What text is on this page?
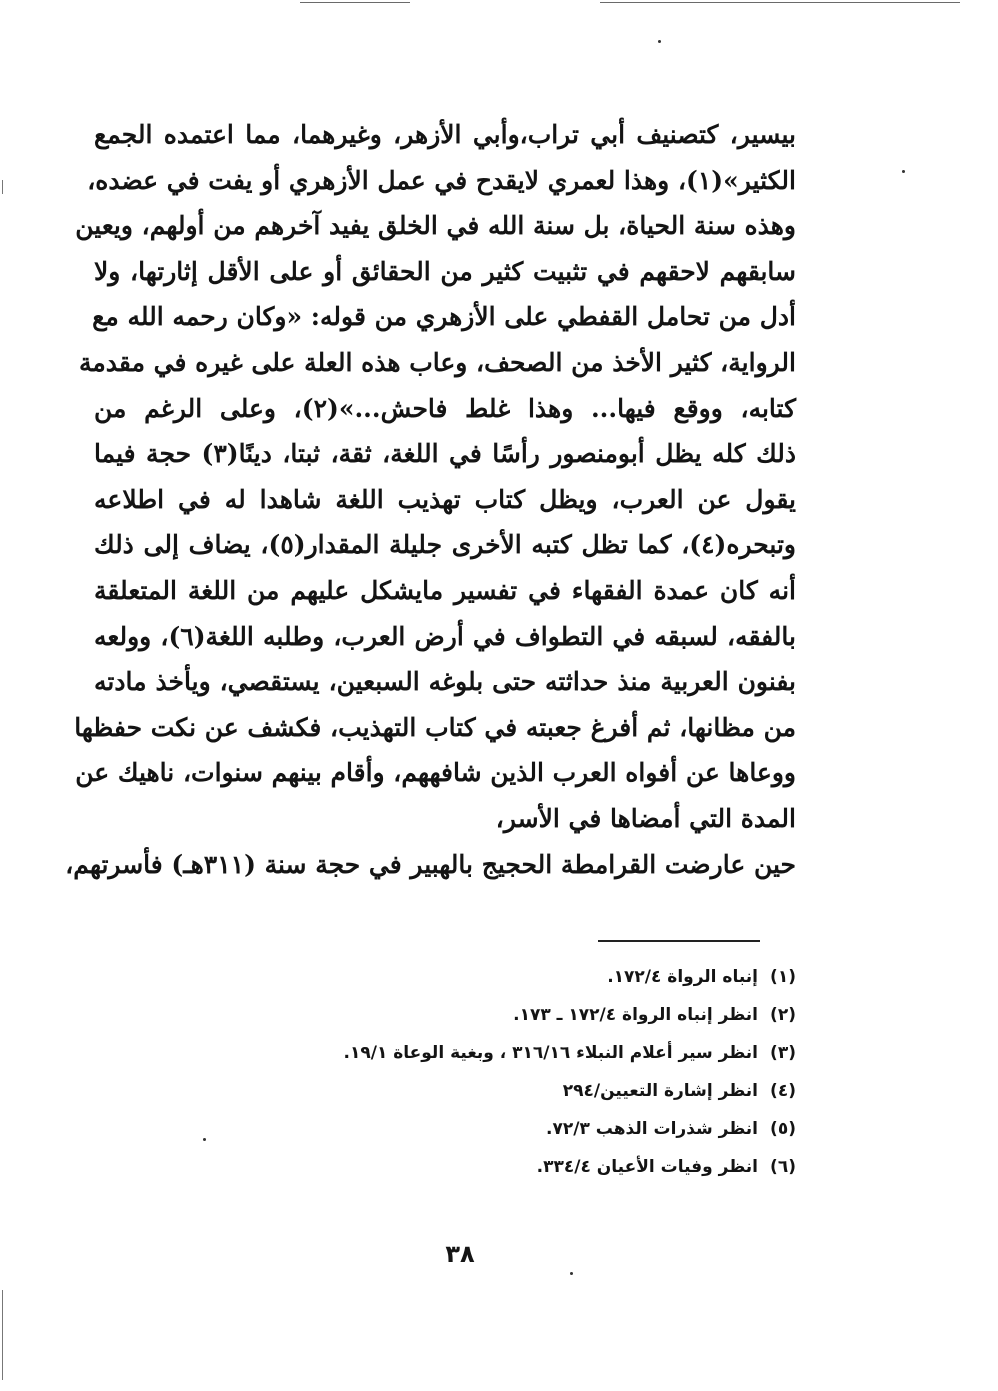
بيسير، كتصنيف أبي تراب،وأبي الأزهر، وغيرهما، مما اعتمده الجمع
الكثير»(١)، وهذا لعمري لايقدح في عمل الأزهري أو يفت في عضده،
وهذه سنة الحياة، بل سنة الله في الخلق يفيد آخرهم من أولهم، ويعين
سابقهم لاحقهم في تثبيت كثير من الحقائق أو على الأقل إثارتها، ولا
أدل من تحامل القفطي على الأزهري من قوله: «وكان رحمه الله مع
الرواية، كثير الأخذ من الصحف، وعاب هذه العلة على غيره في مقدمة
كتابه، ووقع فيها... وهذا غلط فاحش...»(٢)، وعلى الرغم من
ذلك كله يظل أبومنصور رأسًا في اللغة، ثقة، ثبتا، دينًا(٣) حجة فيما
يقول عن العرب، ويظل كتاب تهذيب اللغة شاهدا له في اطلاعه
وتبحره(٤)، كما تظل كتبه الأخرى جليلة المقدار(٥)، يضاف إلى ذلك
أنه كان عمدة الفقهاء في تفسير مايشكل عليهم من اللغة المتعلقة
بالفقه، لسبقه في التطواف في أرض العرب، وطلبه اللغة(٦)، وولعه
بفنون العربية منذ حداثته حتى بلوغه السبعين، يستقصي، ويأخذ مادته
من مظانها، ثم أفرغ جعبته في كتاب التهذيب، فكشف عن نكت حفظها
ووعاها عن أفواه العرب الذين شافههم، وأقام بينهم سنوات، ناهيك عن
المدة التي أمضاها في الأسر،
حين عارضت القرامطة الحجيج بالهبير في حجة سنة (٣١١هـ) فأسرتهم،
(١)إنباه الرواة ١٧٢/٤.
(٢)انظر إنباه الرواة ١٧٢/٤ ـ ١٧٣.
(٣)انظر سير أعلام النبلاء ٣١٦/١٦ ، وبغية الوعاة ١٩/١.
(٤)انظر إشارة التعيين/٢٩٤
(٥)انظر شذرات الذهب ٧٢/٣.
(٦)انظر وفيات الأعيان ٣٣٤/٤.
٣٨
